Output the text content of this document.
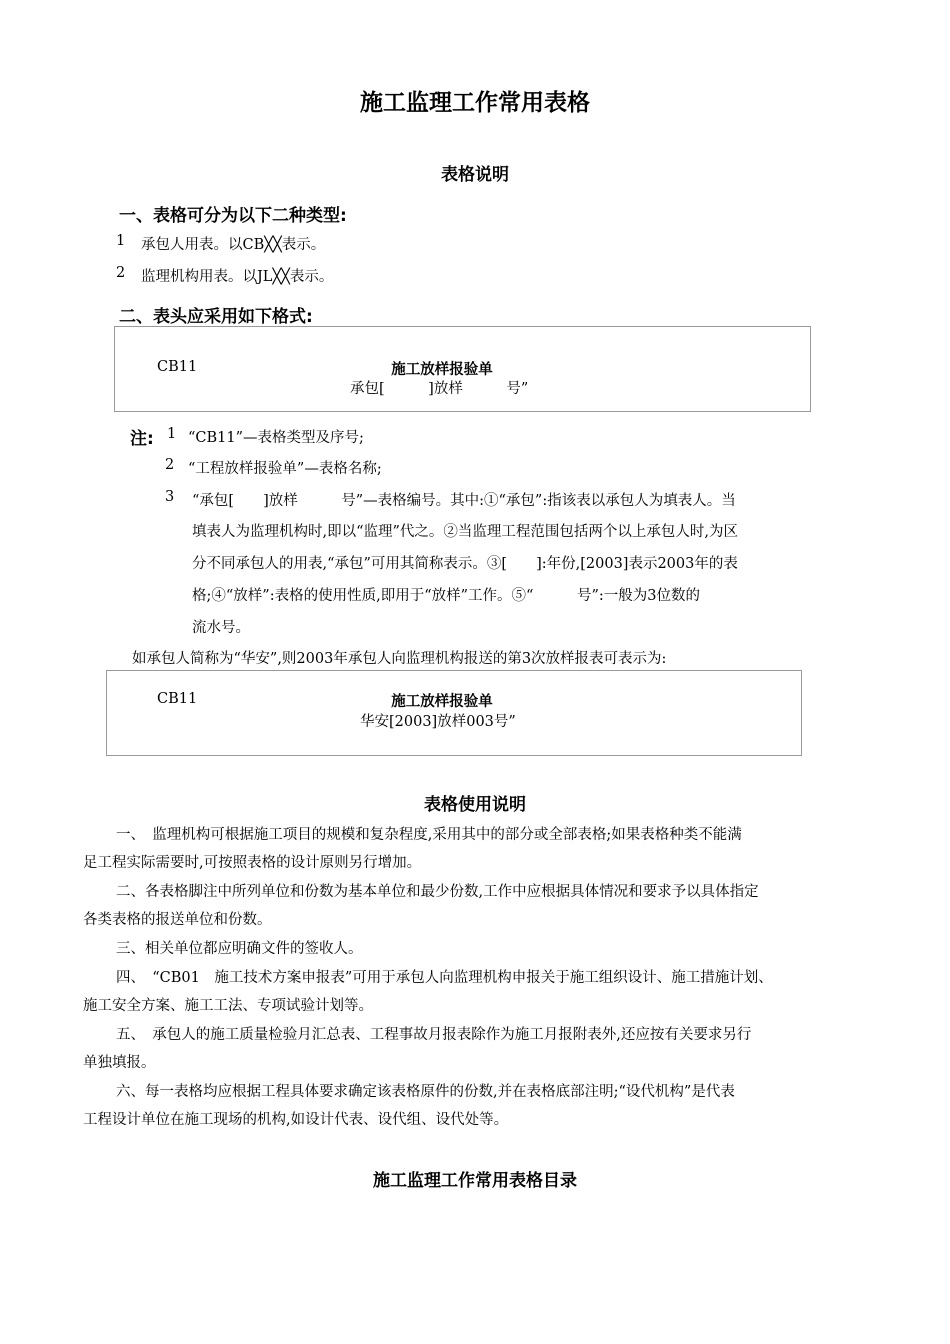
施工监理工作常用表格
表格说明
一、表格可分为以下二种类型:
1 承包人用表。以CB╳╳表示。
2 监理机构用表。以JL╳╳表示。
二、表头应采用如下格式:
CB11	施工放样报验单
承包[　　　]放样　　　号”
注: 1 “CB11”—表格类型及序号;
2 “工程放样报验单”—表格名称;
3 “承包[　　]放样　　　号”—表格编号。其中:①“承包”:指该表以承包人为填表人。当
填表人为监理机构时,即以“监理”代之。②当监理工程范围包括两个以上承包人时,为区
分不同承包人的用表,“承包”可用其简称表示。③[　　]:年份,[2003]表示2003年的表
格;④“放样”:表格的使用性质,即用于“放样”工作。⑤“　　　号”:一般为3位数的
流水号。
如承包人简称为“华安”,则2003年承包人向监理机构报送的第3次放样报表可表示为:
CB11	施工放样报验单
华安[2003]放样003号”
表格使用说明
一、　监理机构可根据施工项目的规模和复杂程度,采用其中的部分或全部表格;如果表格种类不能满
足工程实际需要时,可按照表格的设计原则另行增加。
二、各表格脚注中所列单位和份数为基本单位和最少份数,工作中应根据具体情况和要求予以具体指定
各类表格的报送单位和份数。
三、相关单位都应明确文件的签收人。
四、　“CB01　施工技术方案申报表”可用于承包人向监理机构申报关于施工组织设计、施工措施计划、
施工安全方案、施工工法、专项试验计划等。
五、　承包人的施工质量检验月汇总表、工程事故月报表除作为施工月报附表外,还应按有关要求另行
单独填报。
六、每一表格均应根据工程具体要求确定该表格原件的份数,并在表格底部注明;“设代机构”是代表
工程设计单位在施工现场的机构,如设计代表、设代组、设代处等。
施工监理工作常用表格目录
